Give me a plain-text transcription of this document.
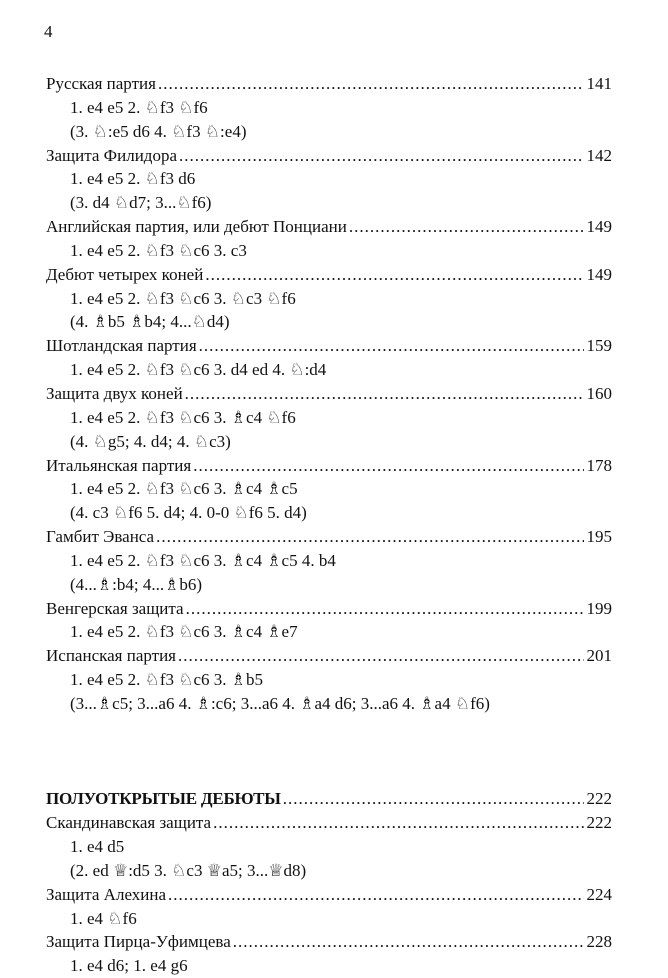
4
Русская партия .....	141
1. e4 e5 2. ♘f3 ♘f6
(3. ♘:e5 d6 4. ♘f3 ♘:e4)
Защита Филидора .....	142
1. e4 e5 2. ♘f3 d6
(3. d4 ♘d7; 3...♘f6)
Английская партия, или дебют Понциани .....	149
1. e4 e5 2. ♘f3 ♘c6 3. c3
Дебют четырех коней .....	149
1. e4 e5 2. ♘f3 ♘c6 3. ♘c3 ♘f6
(4. ♗b5 ♗b4; 4...♘d4)
Шотландская партия .....	159
1. e4 e5 2. ♘f3 ♘c6 3. d4 ed 4. ♘:d4
Защита двух коней .....	160
1. e4 e5 2. ♘f3 ♘c6 3. ♗c4 ♘f6
(4. ♘g5; 4. d4; 4. ♘c3)
Итальянская партия .....	178
1. e4 e5 2. ♘f3 ♘c6 3. ♗c4 ♗c5
(4. c3 ♘f6 5. d4; 4. 0-0 ♘f6 5. d4)
Гамбит Эванса .....	195
1. e4 e5 2. ♘f3 ♘c6 3. ♗c4 ♗c5 4. b4
(4...♗:b4; 4...♗b6)
Венгерская защита .....	199
1. e4 e5 2. ♘f3 ♘c6 3. ♗c4 ♗e7
Испанская партия .....	201
1. e4 e5 2. ♘f3 ♘c6 3. ♗b5
(3...♗c5; 3...a6 4. ♗:c6; 3...a6 4. ♗a4 d6; 3...a6 4. ♗a4 ♘f6)
ПОЛУОТКРЫТЫЕ ДЕБЮТЫ .....	222
Скандинавская защита .....	222
1. e4 d5
(2. ed ♕:d5 3. ♘c3 ♕a5; 3...♕d8)
Защита Алехина .....	224
1. e4 ♘f6
Защита Пирца-Уфимцева .....	228
1. e4 d6; 1. e4 g6
